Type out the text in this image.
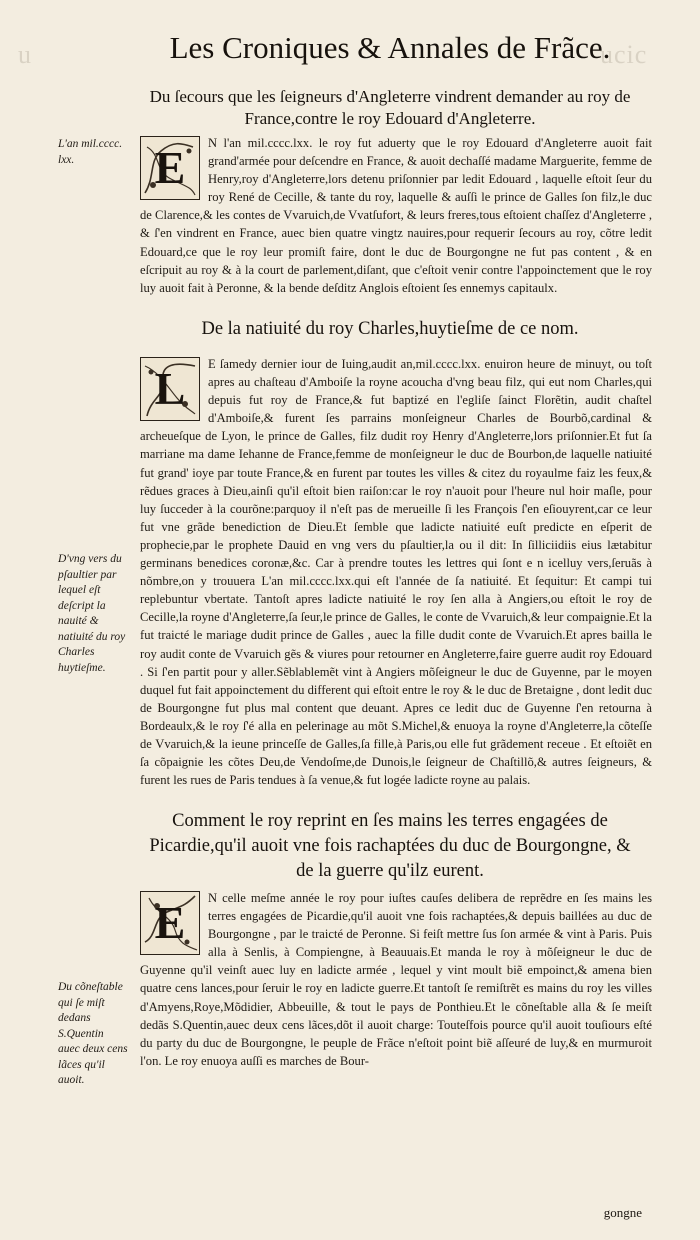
u	ucic
Les Croniques & Annales de Frãce.
Du ſecours que les ſeigneurs d'Angleterre vindrent demander au roy de France,contre le roy Edouard d'Angleterre.
L'an mil.cccc. lxx.	E	N l'an mil.cccc.lxx. le roy fut aduerty que le roy Edouard d'Angleterre auoit fait grand'armée pour deſcendre en France, & auoit dechaſſé madame Marguerite, femme de Henry,roy d'Angleterre,lors detenu priſonnier par ledit Edouard , laquelle eſtoit ſeur du roy René de Cecille, & tante du roy, laquelle & auſſi le prince de Galles ſon filz,le duc de Clarence,& les contes de Vvaruich,de Vvatſufort, & leurs freres,tous eſtoient chaſſez d'Angleterre , & ſ'en vindrent en France, auec bien quatre vingtz nauires,pour requerir ſecours au roy, cõtre ledit Edouard,ce que le roy leur promiſt faire, dont le duc de Bourgongne ne fut pas content , & en eſcripuit au roy & à la court de parlement,diſant, que c'eſtoit venir contre l'appoinctement que le roy luy auoit fait à Peronne, & la bende deſditz Anglois eſtoient ſes ennemys capitaulx.

De la natiuité du roy Charles,huytieſme de ce nom.
D'vng vers du pſaultier par lequel eſt deſcript la nauité & natiuité du roy Charles huytieſme.
L	E ſamedy dernier iour de Iuing,audit an,mil.cccc.lxx. enuiron heure de minuyt, ou toſt apres au chaſteau d'Amboiſe la royne acoucha d'vng beau filz, qui eut nom Charles,qui depuis fut roy de France,& fut baptizé en l'egliſe ſainct Florẽtin, audit chaſtel d'Amboiſe,& furent ſes parrains monſeigneur Charles de Bourbõ,cardinal & archeueſque de Lyon, le prince de Galles, filz dudit roy Henry d'Angleterre,lors priſonnier.Et fut ſa marriane ma dame Iehanne de France,femme de monſeigneur le duc de Bourbon,de laquelle natiuité fut grand' ioye par toute France,& en furent par toutes les villes & citez du royaulme faiz les feux,& rẽdues graces à Dieu,ainſi qu'il eſtoit bien raiſon:car le roy n'auoit pour l'heure nul hoir maſle, pour luy ſucceder à la courõne:parquoy il n'eſt pas de merueille ſi les François ſ'en eſiouyrent,car ce leur fut vne grãde benediction de Dieu.Et ſemble que ladicte natiuité euſt predicte en eſperit de prophecie,par le prophete Dauid en vng vers du pſaultier,la ou il dit: In ſilliciidiis eius lætabitur germinans benedices coronæ,&c. Car à prendre toutes les lettres qui ſont e n icelluy vers,ſeruãs à nõmbre,on y trouuera L'an mil.cccc.lxx.qui eſt l'année de ſa natiuité. Et ſequitur: Et campi tui replebuntur vbertate. Tantoſt apres ladicte natiuité le roy ſen alla à Angiers,ou eſtoit le roy de Cecille,la royne d'Angleterre,ſa ſeur,le prince de Galles, le conte de Vvaruich,& leur compaignie.Et la fut traicté le mariage dudit prince de Galles , auec la fille dudit conte de Vvaruich.Et apres bailla le roy audit conte de Vvaruich gẽs & viures pour retourner en Angleterre,faire guerre audit roy Edouard . Si ſ'en partit pour y aller.Sẽblablemẽt vint à Angiers mõſeigneur le duc de Guyenne, par le moyen duquel fut fait appoinctement du different qui eſtoit entre le roy & le duc de Bretaigne , dont ledit duc de Bourgongne fut plus mal content que deuant. Apres ce ledit duc de Guyenne ſ'en retourna à Bordeaulx,& le roy ſ'é alla en pelerinage au mõt S.Michel,& enuoya la royne d'Angleterre,la cõteſſe de Vvaruich,& la ieune princeſſe de Galles,ſa fille,à Paris,ou elle fut grãdement receue . Et eſtoiẽt en ſa cõpaignie les cõtes Deu,de Vendoſme,de Dunois,le ſeigneur de Chaſtillõ,& autres ſeigneurs, & furent les rues de Paris tendues à ſa venue,& fut logée ladicte royne au palais.

Comment le roy reprint en ſes mains les terres engagées de Picardie,qu'il auoit vne fois rachaptées du duc de Bourgongne, & de la guerre qu'ilz eurent.
Du cõneſtable qui ſe miſt dedans S.Quentin auec deux cens lãces qu'il auoit.
E	N celle meſme année le roy pour iuſtes cauſes delibera de reprẽdre en ſes mains les terres engagées de Picardie,qu'il auoit vne fois rachaptées,& depuis baillées au duc de Bourgongne , par le traicté de Peronne. Si feiſt mettre ſus ſon armée & vint à Paris. Puis alla à Senlis, à Compiengne, à Beauuais.Et manda le roy à mõſeigneur le duc de Guyenne qu'il veinſt auec luy en ladicte armée , lequel y vint moult biẽ empoinct,& amena bien quatre cens lances,pour ſeruir le roy en ladicte guerre.Et tantoſt ſe remiſtrẽt es mains du roy les villes d'Amyens,Roye,Mõdidier, Abbeuille, & tout le pays de Ponthieu.Et le cõneſtable alla & ſe meiſt dedãs S.Quentin,auec deux cens lãces,dõt il auoit charge: Touteſfois pource qu'il auoit touſiours eſté du party du duc de Bourgongne, le peuple de Frãce n'eſtoit point biẽ aſſeuré de luy,& en murmuroit l'on. Le roy enuoya auſſi es marches de Bour-

gongne
